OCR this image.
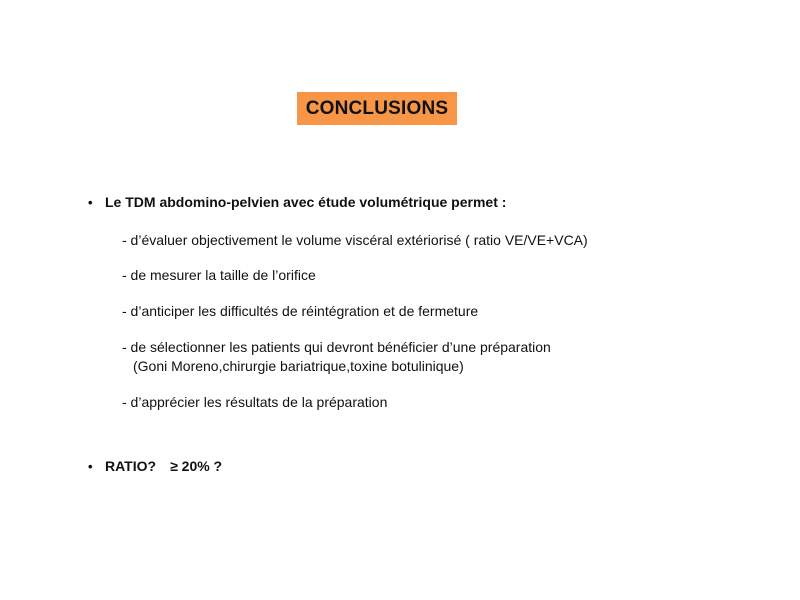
CONCLUSIONS
• Le TDM abdomino-pelvien avec étude volumétrique permet :
- d’évaluer objectivement le volume viscéral extériorisé ( ratio VE/VE+VCA)
- de mesurer la taille de l’orifice
- d’anticiper les difficultés de réintégration et de fermeture
- de sélectionner les patients qui devront bénéficier d’une préparation
(Goni Moreno,chirurgie bariatrique,toxine botulinique)
- d’apprécier les résultats de la préparation
• RATIO? ≥ 20% ?
